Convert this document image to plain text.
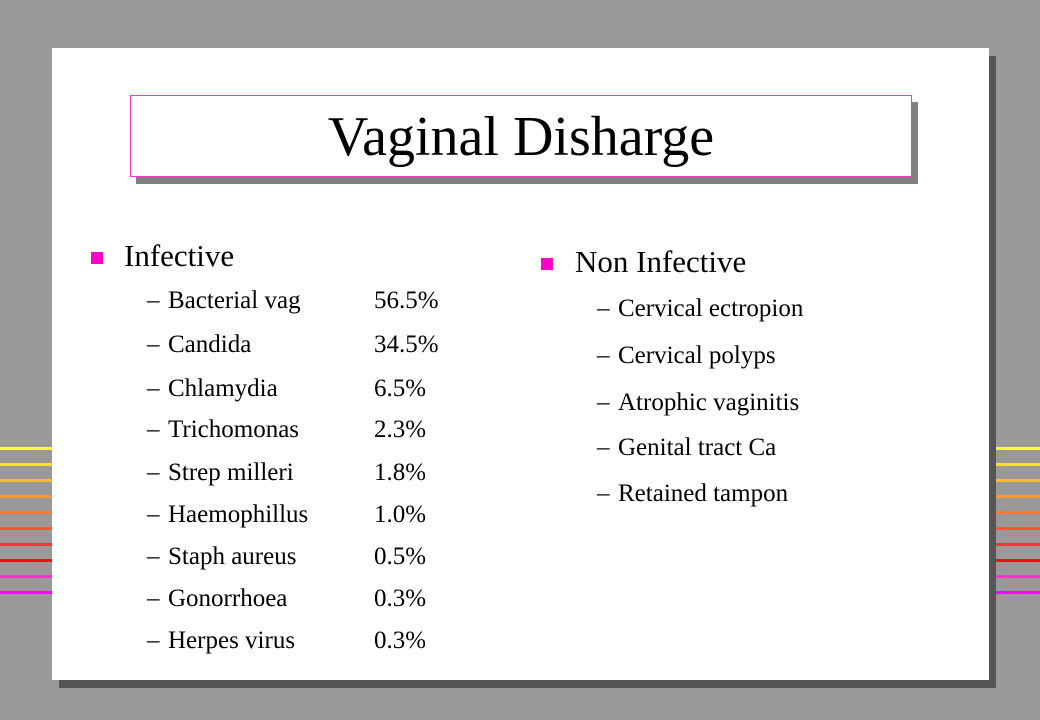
Vaginal Disharge
Infective
– Bacterial vag	56.5%
– Candida	34.5%
– Chlamydia	6.5%
– Trichomonas	2.3%
– Strep milleri	1.8%
– Haemophillus	1.0%
– Staph aureus	0.5%
– Gonorrhoea	0.3%
– Herpes virus	0.3%
Non Infective
– Cervical ectropion
– Cervical polyps
– Atrophic vaginitis
– Genital tract Ca
– Retained tampon
